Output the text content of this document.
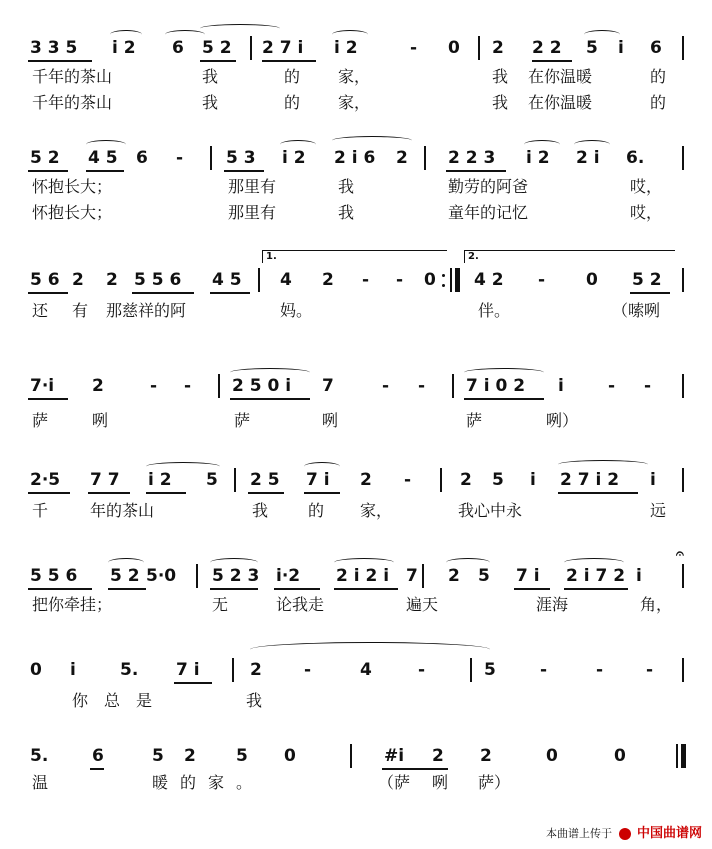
3 3 5 i 2 6 5 2 2 7 i i 2	- 0 2 2 2 5 i 6
千年的茶山	我	的 家，	我 在你温暖	的
千年的茶山	我	的 家，	我 在你温暖	的
5 2 4 5 6 -	5 3 i 2 2 i 6 2 2 2 3 i 2 2 i 6.
怀抱长大；	那里有	我	勤劳的阿爸	哎，
怀抱长大；	那里有	我	童年的记忆	哎，
1.	2.
5 6 2 2 5 5 6 4 5 4 2 - - 0 4 2 - 0 5 2
还 有 那慈祥的阿	妈。	伴。	（嗦咧
7·i 2	- - 2 5 0 i 7	- - 7 i 0 2 i	- -
萨	咧	萨	咧	萨	咧）
2·5 7 7 i 2 5 2 5 7 i 2 -	2 5 i 2 7 i 2 i
千	年的茶山	我 的 家，	我心中永	远
5 5 6 5 2 5·0 5 2 3 i·2 2 i 2 i 7 2 5 7 i 2 i 7 2 i
𝄐
把你牵挂；	无	论我走	遍天	涯海	角，
0 i	5. 7 i	2 -	4	-	5	-	-	-
你总是	我
5.	6	5 2 5 0	#i 2 2	0	0
温	暖的家。	（萨 咧 萨）
本曲谱上传于 中国曲谱网
